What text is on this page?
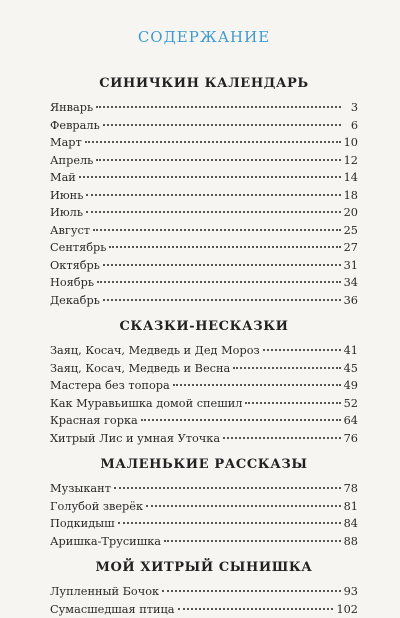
СОДЕРЖАНИЕ
СИНИЧКИН КАЛЕНДАРЬ
Январь	3
Февраль	6
Март	10
Апрель	12
Май	14
Июнь	18
Июль	20
Август	25
Сентябрь	27
Октябрь	31
Ноябрь	34
Декабрь	36
СКАЗКИ-НЕСКАЗКИ
Заяц, Косач, Медведь и Дед Мороз	41
Заяц, Косач, Медведь и Весна	45
Мастера без топора	49
Как Муравьишка домой спешил	52
Красная горка	64
Хитрый Лис и умная Уточка	76
МАЛЕНЬКИЕ РАССКАЗЫ
Музыкант	78
Голубой зверёк	81
Подкидыш	84
Аришка-Трусишка	88
МОЙ ХИТРЫЙ СЫНИШКА
Лупленный Бочок	93
Сумасшедшая птица	102
